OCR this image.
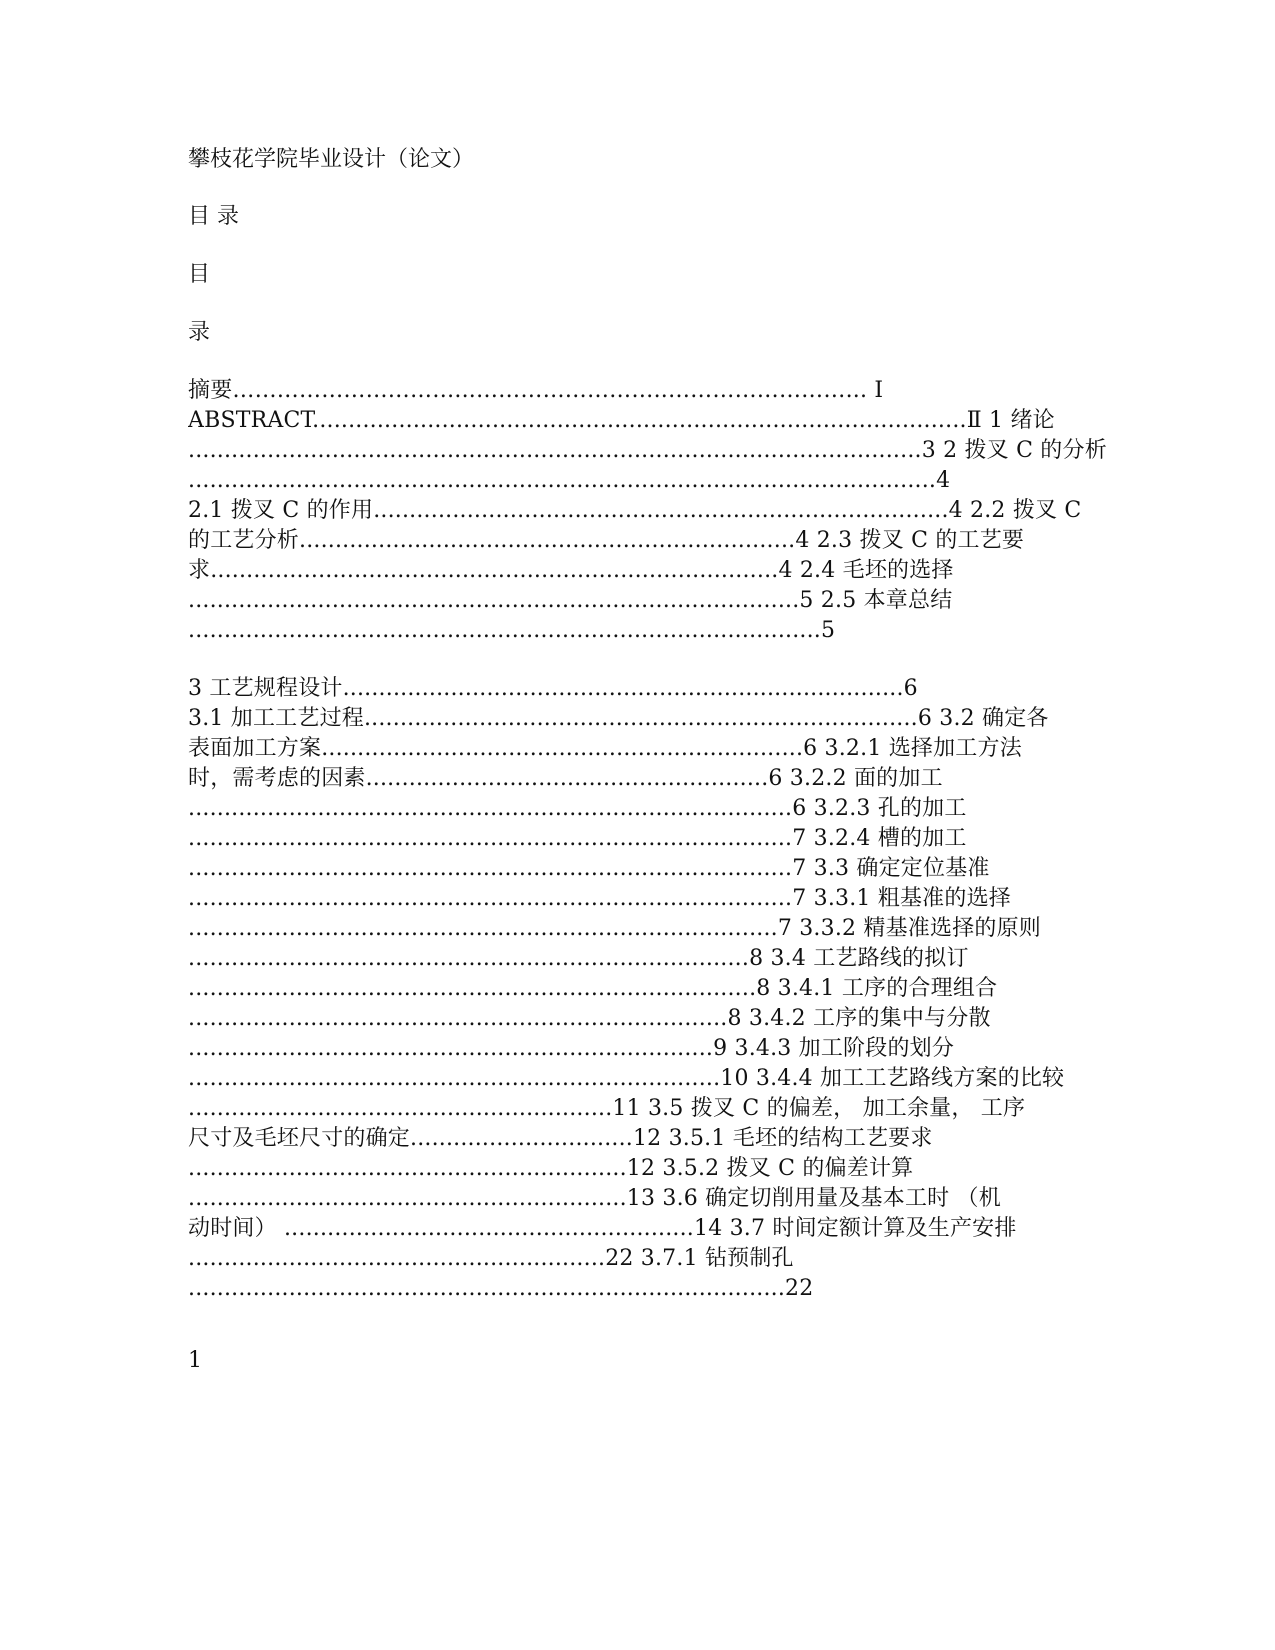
攀枝花学院毕业设计（论文）
目 录
目
录
摘要…………………………...……………………..……………………... Ⅰ
ABSTRACT...........................................................................................Ⅱ 1 绪论
......................................................................................................3 2 拨叉 C 的分析
........................................................................................................4
2.1 拨叉 C 的作用................................................................................4 2.2 拨叉 C
的工艺分析.....................................................................4 2.3 拨叉 C 的工艺要
求...............................................................................4 2.4 毛坯的选择
.....................................................................................5 2.5 本章总结
........................................................................................5
3 工艺规程设计..............................................................................6
3.1 加工工艺过程.............................................................................6 3.2 确定各
表面加工方案...................................................................6 3.2.1 选择加工方法
时，需考虑的因素........................................................6 3.2.2 面的加工
....................................................................................6 3.2.3 孔的加工
....................................................................................7 3.2.4 槽的加工
....................................................................................7 3.3 确定定位基准
....................................................................................7 3.3.1 粗基准的选择
..................................................................................7 3.3.2 精基准选择的原则
..............................................................................8 3.4 工艺路线的拟订
...............................................................................8 3.4.1 工序的合理组合
...........................................................................8 3.4.2 工序的集中与分散
.........................................................................9 3.4.3 加工阶段的划分
..........................................................................10 3.4.4 加工工艺路线方案的比较
...........................................................11 3.5 拨叉 C 的偏差， 加工余量， 工序
尺寸及毛坯尺寸的确定...............................12 3.5.1 毛坯的结构工艺要求
.............................................................12 3.5.2 拨叉 C 的偏差计算
.............................................................13 3.6 确定切削用量及基本工时 （机
动时间） .........................................................14 3.7 时间定额计算及生产安排
..........................................................22 3.7.1 钻预制孔
...................................................................................22
1
